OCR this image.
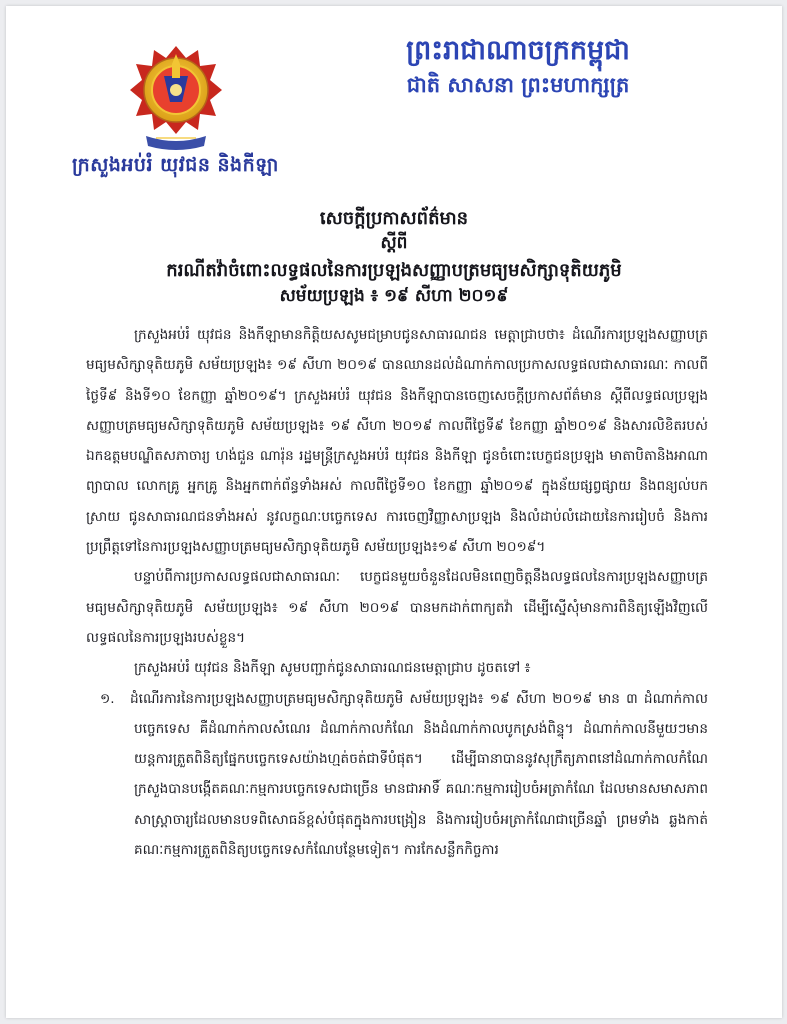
ព្រះរាជាណាចក្រកម្ពុជា
ជាតិ សាសនា ព្រះមហាក្សត្រ
ក្រសួងអប់រំ យុវជន និងកីឡា
សេចក្ដីប្រកាសព័ត៌មាន
ស្ដីពី
ករណីតវ៉ាចំពោះលទ្ធផលនៃការប្រឡងសញ្ញាបត្រមធ្យមសិក្សាទុតិយភូមិ
សម័យប្រឡង ៖ ១៩ សីហា ២០១៩

ក្រសួងអប់រំ យុវជន និងកីឡាមានកិត្តិយសសូមជម្រាបជូនសាធារណជន មេត្តាជ្រាបថា៖ ដំណើរការប្រឡងសញ្ញាបត្រមធ្យមសិក្សាទុតិយភូមិ សម័យប្រឡង៖ ១៩ សីហា ២០១៩ បានឈានដល់ដំណាក់កាលប្រកាសលទ្ធផលជាសាធារណៈ កាលពីថ្ងៃទី៩ និងទី១០ ខែកញ្ញា ឆ្នាំ២០១៩។ ក្រសួងអប់រំ យុវជន និងកីឡាបានចេញសេចក្ដីប្រកាសព័ត៌មាន ស្ដីពីលទ្ធផលប្រឡងសញ្ញាបត្រមធ្យមសិក្សាទុតិយភូមិ សម័យប្រឡង៖ ១៩ សីហា ២០១៩ កាលពីថ្ងៃទី៩ ខែកញ្ញា ឆ្នាំ២០១៩ និងសារលិខិតរបស់ឯកឧត្តមបណ្ឌិតសភាចារ្យ ហង់ជួន ណារ៉ុន រដ្ឋមន្ត្រីក្រសួងអប់រំ យុវជន និងកីឡា ជូនចំពោះបេក្ខជនប្រឡង មាតាបិតានិងអាណាព្យាបាល លោកគ្រូ អ្នកគ្រូ និងអ្នកពាក់ព័ន្ធទាំងអស់ កាលពីថ្ងៃទី១០ ខែកញ្ញា ឆ្នាំ២០១៩ ក្នុងន័យផ្សព្វផ្សាយ និងពន្យល់បកស្រាយ ជូនសាធារណជនទាំងអស់ នូវលក្ខណៈបច្ចេកទេស ការចេញវិញ្ញាសាប្រឡង និងលំដាប់លំដោយនៃការរៀបចំ និងការប្រព្រឹត្តទៅនៃការប្រឡងសញ្ញាបត្រមធ្យមសិក្សាទុតិយភូមិ សម័យប្រឡង៖១៩ សីហា ២០១៩។

បន្ទាប់ពីការប្រកាសលទ្ធផលជាសាធារណៈ បេក្ខជនមួយចំនួនដែលមិនពេញចិត្តនឹងលទ្ធផលនៃការប្រឡងសញ្ញាបត្រមធ្យមសិក្សាទុតិយភូមិ សម័យប្រឡង៖ ១៩ សីហា ២០១៩ បានមកដាក់ពាក្យតវ៉ា ដើម្បីស្នើសុំមានការពិនិត្យឡើងវិញលើលទ្ធផលនៃការប្រឡងរបស់ខ្លួន។

ក្រសួងអប់រំ យុវជន និងកីឡា សូមបញ្ជាក់ជូនសាធារណជនមេត្តាជ្រាប ដូចតទៅ ៖

១. ដំណើរការនៃការប្រឡងសញ្ញាបត្រមធ្យមសិក្សាទុតិយភូមិ សម័យប្រឡង៖ ១៩ សីហា ២០១៩ មាន ៣ ដំណាក់កាលបច្ចេកទេស គឺដំណាក់កាលសំណេរ ដំណាក់កាលកំណែ និងដំណាក់កាលបូកស្រង់ពិន្ទុ។ ដំណាក់កាលនីមួយៗមានយន្តការត្រួតពិនិត្យផ្នែកបច្ចេកទេសយ៉ាងហ្មត់ចត់ជាទីបំផុត។ ដើម្បីធានាបាននូវសុក្រឹត្យភាពនៅដំណាក់កាលកំណែ ក្រសួងបានបង្កើតគណៈកម្មការបច្ចេកទេសជាច្រើន មានជាអាទិ៍ គណៈកម្មការរៀបចំអត្រាកំណែ ដែលមានសមាសភាពសាស្ត្រាចារ្យដែលមានបទពិសោធន៍ខ្ពស់បំផុតក្នុងការបង្រៀន និងការរៀបចំអត្រាកំណែជាច្រើនឆ្នាំ ព្រមទាំង ឆ្លងកាត់គណៈកម្មការត្រួតពិនិត្យបច្ចេកទេសកំណែបន្ថែមទៀត។ ការកែសន្លឹកកិច្ចការ
